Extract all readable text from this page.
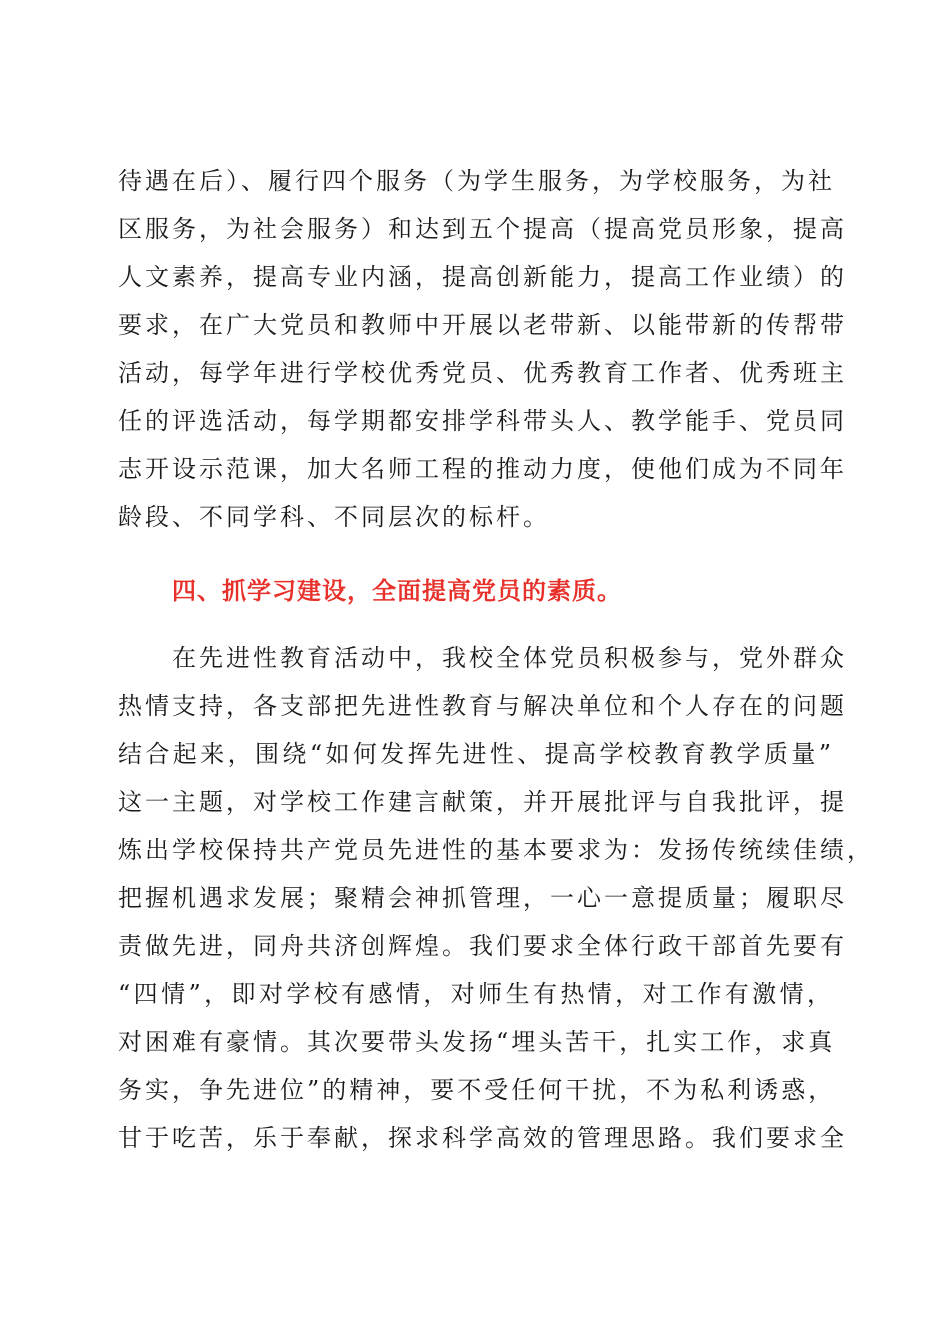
待遇在后）、履行四个服务（为学生服务，为学校服务，为社
区服务，为社会服务）和达到五个提高（提高党员形象，提高
人文素养，提高专业内涵，提高创新能力，提高工作业绩）的
要求，在广大党员和教师中开展以老带新、以能带新的传帮带
活动，每学年进行学校优秀党员、优秀教育工作者、优秀班主
任的评选活动，每学期都安排学科带头人、教学能手、党员同
志开设示范课，加大名师工程的推动力度，使他们成为不同年
龄段、不同学科、不同层次的标杆。
四、抓学习建设，全面提高党员的素质。
在先进性教育活动中，我校全体党员积极参与，党外群众
热情支持，各支部把先进性教育与解决单位和个人存在的问题
结合起来，围绕“如何发挥先进性、提高学校教育教学质量”
这一主题，对学校工作建言献策，并开展批评与自我批评，提
炼出学校保持共产党员先进性的基本要求为：发扬传统续佳绩，
把握机遇求发展；聚精会神抓管理，一心一意提质量；履职尽
责做先进，同舟共济创辉煌。我们要求全体行政干部首先要有
“四情”，即对学校有感情，对师生有热情，对工作有激情，
对困难有豪情。其次要带头发扬“埋头苦干，扎实工作，求真
务实，争先进位”的精神，要不受任何干扰，不为私利诱惑，
甘于吃苦，乐于奉献，探求科学高效的管理思路。我们要求全
